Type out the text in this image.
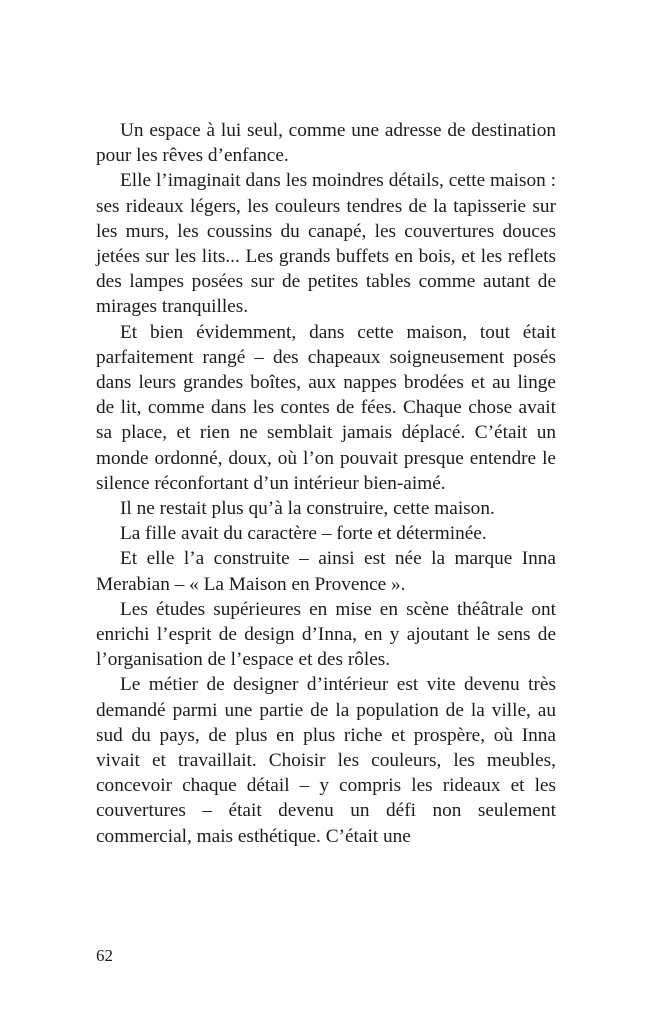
Un espace à lui seul, comme une adresse de destination pour les rêves d’enfance.

Elle l’imaginait dans les moindres détails, cette maison : ses rideaux légers, les couleurs tendres de la tapisserie sur les murs, les coussins du canapé, les couvertures douces jetées sur les lits... Les grands buffets en bois, et les reflets des lampes posées sur de petites tables comme autant de mirages tranquilles.

Et bien évidemment, dans cette maison, tout était parfaitement rangé – des chapeaux soigneusement posés dans leurs grandes boîtes, aux nappes brodées et au linge de lit, comme dans les contes de fées. Chaque chose avait sa place, et rien ne semblait jamais déplacé. C’était un monde ordonné, doux, où l’on pouvait presque entendre le silence réconfortant d’un intérieur bien-aimé.

Il ne restait plus qu’à la construire, cette maison.

La fille avait du caractère – forte et déterminée.

Et elle l’a construite – ainsi est née la marque Inna Merabian – « La Maison en Provence ».

Les études supérieures en mise en scène théâtrale ont enrichi l’esprit de design d’Inna, en y ajoutant le sens de l’organisation de l’espace et des rôles.

Le métier de designer d’intérieur est vite devenu très demandé parmi une partie de la population de la ville, au sud du pays, de plus en plus riche et prospère, où Inna vivait et travaillait. Choisir les couleurs, les meubles, concevoir chaque détail – y compris les rideaux et les couvertures – était devenu un défi non seulement commercial, mais esthétique. C’était une

62
